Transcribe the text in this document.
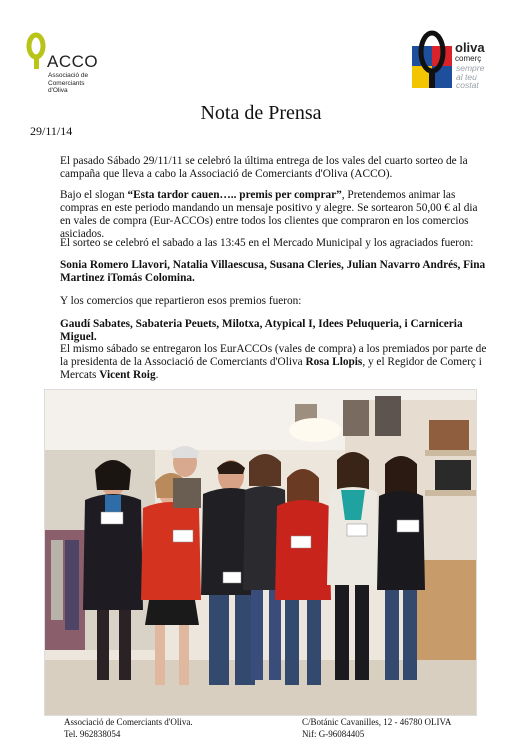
ACCO
Associació de
Comerciants
d'Oliva
oliva
comerç
sempre
al teu
costat
Nota de Prensa
29/11/14
El pasado Sábado 29/11/11 se celebró la última entrega de los vales del cuarto sorteo de la campaña que lleva a cabo la Associació de Comerciants d'Oliva (ACCO).
Bajo el slogan “Esta tardor cauen….. premis per comprar”, Pretendemos animar las compras en este periodo mandando un mensaje positivo y alegre. Se sortearon 50,00 € al dia en vales de compra (Eur-ACCOs) entre todos los clientes que compraron en los comercios asiciados.
El sorteo se celebró el sabado a las 13:45 en el Mercado Municipal y los agraciados fueron:
Sonia Romero Llavori, Natalia Villaescusa, Susana Cleries, Julian Navarro Andrés, Fina Martinez iTomás Colomina.
Y los comercios que repartieron esos premios fueron:
Gaudí Sabates, Sabateria Peuets, Milotxa, Atypical I, Idees Peluqueria, i Carniceria Miguel.
El mismo sábado se entregaron los EurACCOs (vales de compra) a los premiados por parte de la presidenta de la Associació de Comerciants d'Oliva Rosa Llopis, y el Regidor de Comerç i Mercats Vicent Roig.
Associació de Comerciants d'Oliva.
Tel. 962838054
C/Botánic Cavanilles, 12 - 46780 OLIVA
Nif: G-96084405
